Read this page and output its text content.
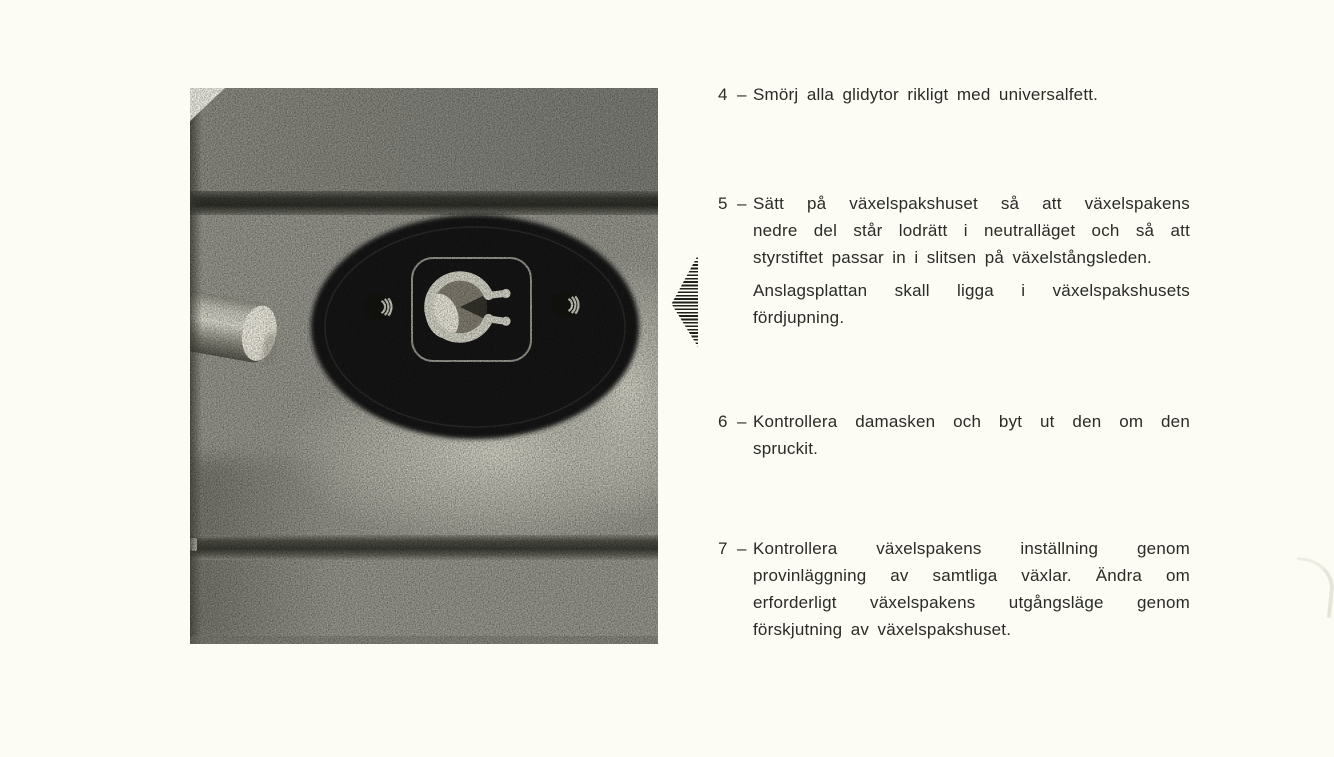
4 – Smörj alla glidytor rikligt med universalfett.
5 – Sätt på växelspakshuset så att växelspakens
nedre del står lodrätt i neutralläget och så att
styrstiftet passar in i slitsen på växelstångsleden.
Anslagsplattan skall ligga i växelspakshusets
fördjupning.
6 – Kontrollera damasken och byt ut den om den
spruckit.
7 – Kontrollera växelspakens inställning genom
provinläggning av samtliga växlar. Ändra om
erforderligt växelspakens utgångsläge genom
förskjutning av växelspakshuset.
